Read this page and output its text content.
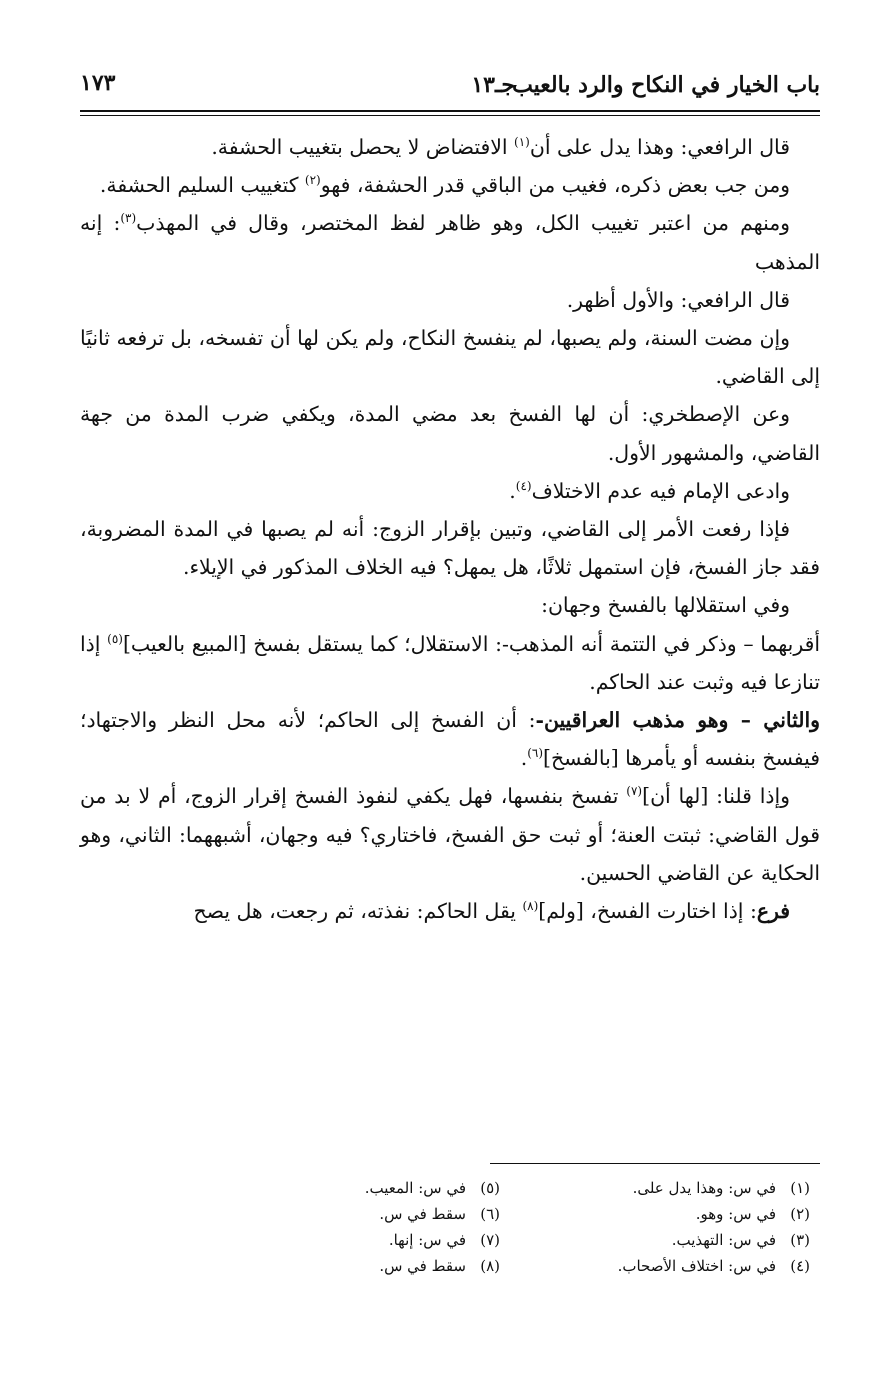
باب الخيار في النكاح والرد بالعيب
جـ١٣
١٧٣

قال الرافعي: وهذا يدل على أن$^{(١)}$ الافتضاض لا يحصل بتغييب الحشفة.

ومن جب بعض ذكره، فغيب من الباقي قدر الحشفة، فهو$^{(٢)}$ كتغييب السليم الحشفة.

ومنهم من اعتبر تغييب الكل، وهو ظاهر لفظ المختصر، وقال في المهذب$^{(٣)}$: إنه المذهب

قال الرافعي: والأول أظهر.

وإن مضت السنة، ولم يصبها، لم ينفسخ النكاح، ولم يكن لها أن تفسخه، بل ترفعه ثانيًا إلى القاضي.

وعن الإصطخري: أن لها الفسخ بعد مضي المدة، ويكفي ضرب المدة من جهة القاضي، والمشهور الأول.

وادعى الإمام فيه عدم الاختلاف$^{(٤)}$.

فإذا رفعت الأمر إلى القاضي، وتبين بإقرار الزوج: أنه لم يصبها في المدة المضروبة، فقد جاز الفسخ، فإن استمهل ثلاثًا، هل يمهل؟ فيه الخلاف المذكور في الإيلاء.

وفي استقلالها بالفسخ وجهان:

أقربهما – وذكر في التتمة أنه المذهب-: الاستقلال؛ كما يستقل بفسخ [المبيع بالعيب]$^{(٥)}$ إذا تنازعا فيه وثبت عند الحاكم.

والثاني – وهو مذهب العراقيين-: أن الفسخ إلى الحاكم؛ لأنه محل النظر والاجتهاد؛ فيفسخ بنفسه أو يأمرها [بالفسخ]$^{(٦)}$.

وإذا قلنا: [لها أن]$^{(٧)}$ تفسخ بنفسها، فهل يكفي لنفوذ الفسخ إقرار الزوج، أم لا بد من قول القاضي: ثبتت العنة؛ أو ثبت حق الفسخ، فاختاري؟ فيه وجهان، أشبههما: الثاني، وهو الحكاية عن القاضي الحسين.

فرع: إذا اختارت الفسخ، [ولم]$^{(٨)}$ يقل الحاكم: نفذته، ثم رجعت، هل يصح

(١)في س: وهذا يدل على.
(٢)في س: وهو.
(٣)في س: التهذيب.
(٤)في س: اختلاف الأصحاب.
(٥)في س: المعيب.
(٦)سقط في س.
(٧)في س: إنها.
(٨)سقط في س.
